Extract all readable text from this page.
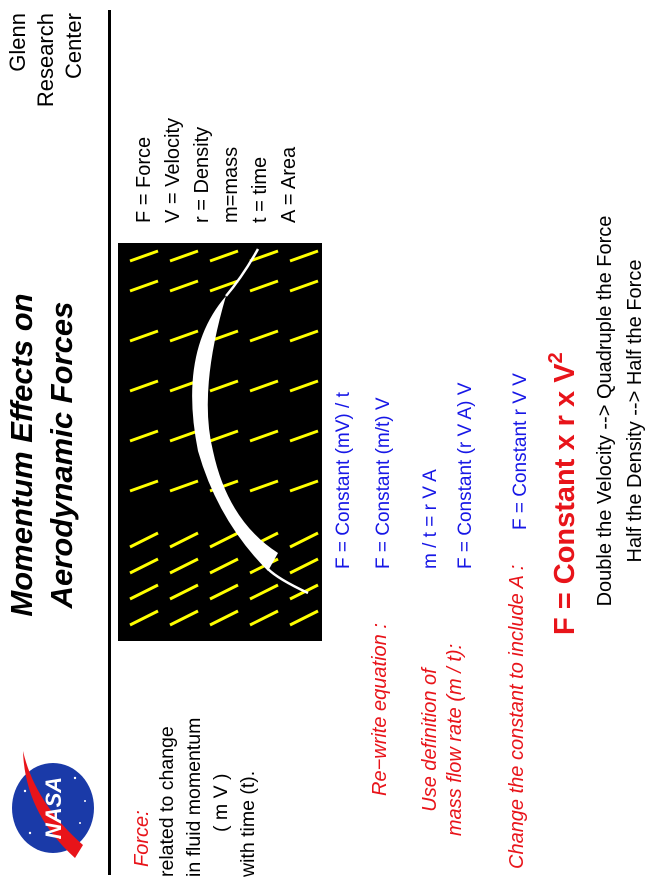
NASA
Momentum Effects on Aerodynamic Forces
Glenn Research Center
F = Force V = Velocity r = Density m=mass t = time A = Area
Force: related to change in fluid momentum ( m V ) with time (t).
F = Constant (mV) / t
Re−write equation :
F = Constant (m/t) V
Use definition of mass flow rate (m / t):
m / t = r V A F = Constant (r V A) V
Change the constant to include A :
F = Constant r V V F = Constant x r x $V^2$	Double the Velocity --> Quadruple the Force Half the Density --> Half the Force
